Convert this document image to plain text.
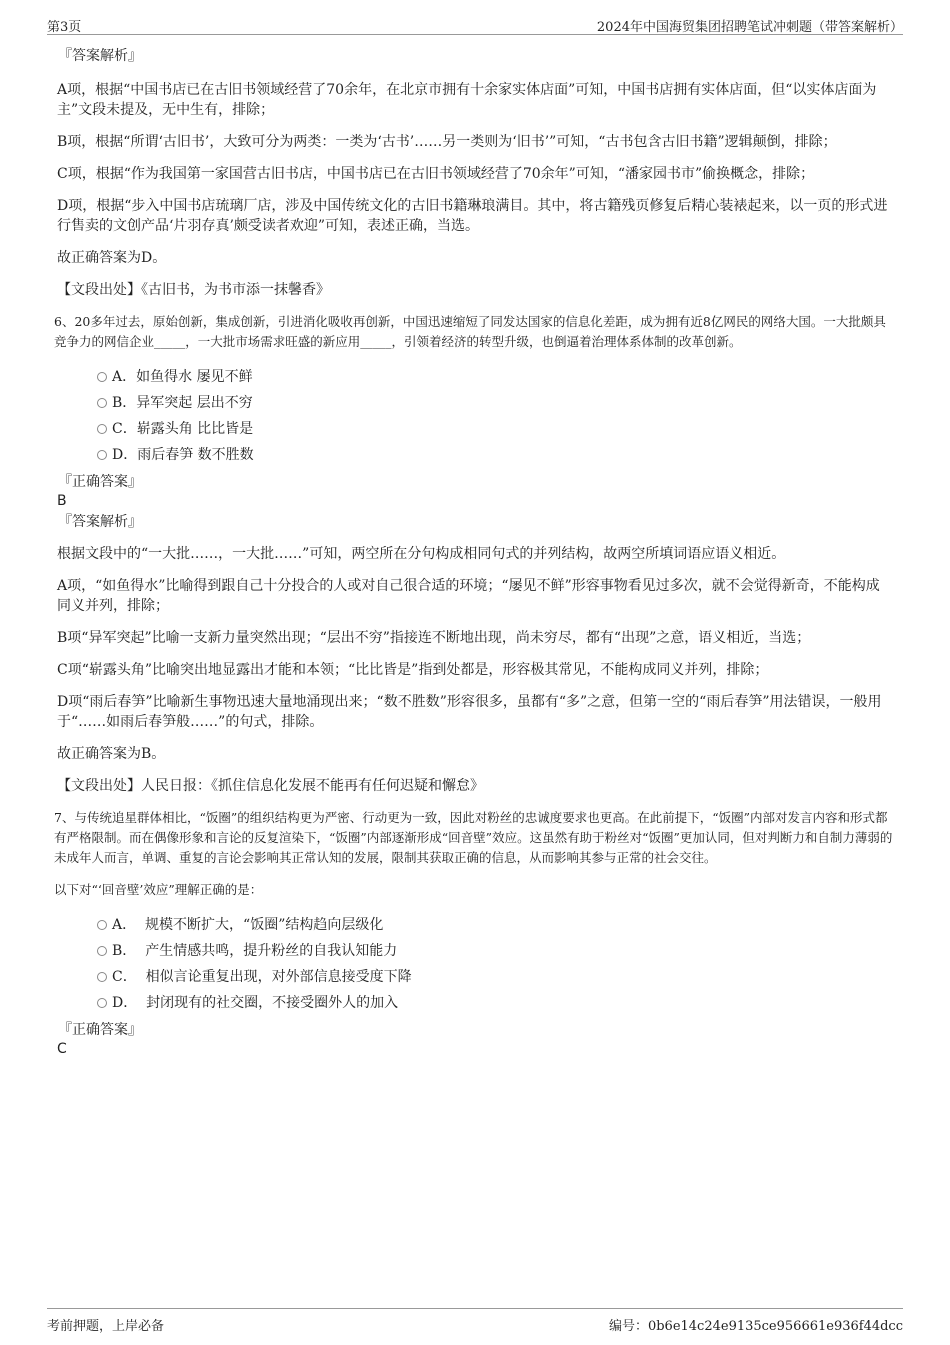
第3页	2024年中国海贸集团招聘笔试冲刺题（带答案解析）

『答案解析』

A项，根据“中国书店已在古旧书领域经营了70余年，在北京市拥有十余家实体店面”可知，中国书店拥有实体店面，但“以实体店面为主”文段未提及，无中生有，排除；

B项，根据“所谓‘古旧书’，大致可分为两类：一类为‘古书’……另一类则为‘旧书’”可知，“古书包含古旧书籍”逻辑颠倒，排除；

C项，根据“作为我国第一家国营古旧书店，中国书店已在古旧书领域经营了70余年”可知，“潘家园书市”偷换概念，排除；

D项，根据“步入中国书店琉璃厂店，涉及中国传统文化的古旧书籍琳琅满目。其中，将古籍残页修复后精心装裱起来，以一页的形式进行售卖的文创产品‘片羽存真’颇受读者欢迎”可知，表述正确，当选。

故正确答案为D。

【文段出处】《古旧书，为书市添一抹馨香》

6、20多年过去，原始创新，集成创新，引进消化吸收再创新，中国迅速缩短了同发达国家的信息化差距，成为拥有近8亿网民的网络大国。一大批颇具竞争力的网信企业_____，一大批市场需求旺盛的新应用_____，引领着经济的转型升级，也倒逼着治理体系体制的改革创新。

A．如鱼得水 屡见不鲜
B．异军突起 层出不穷
C．崭露头角 比比皆是
D．雨后春笋 数不胜数

『正确答案』

B

『答案解析』

根据文段中的“一大批……，一大批……”可知，两空所在分句构成相同句式的并列结构，故两空所填词语应语义相近。

A项，“如鱼得水”比喻得到跟自己十分投合的人或对自己很合适的环境；“屡见不鲜”形容事物看见过多次，就不会觉得新奇，不能构成同义并列，排除；

B项“异军突起”比喻一支新力量突然出现；“层出不穷”指接连不断地出现，尚未穷尽，都有“出现”之意，语义相近，当选；

C项“崭露头角”比喻突出地显露出才能和本领；“比比皆是”指到处都是，形容极其常见，不能构成同义并列，排除；

D项“雨后春笋”比喻新生事物迅速大量地涌现出来；“数不胜数”形容很多，虽都有“多”之意，但第一空的“雨后春笋”用法错误，一般用于“……如雨后春笋般……”的句式，排除。

故正确答案为B。

【文段出处】人民日报：《抓住信息化发展不能再有任何迟疑和懈怠》

7、与传统追星群体相比，“饭圈”的组织结构更为严密、行动更为一致，因此对粉丝的忠诚度要求也更高。在此前提下，“饭圈”内部对发言内容和形式都有严格限制。而在偶像形象和言论的反复渲染下，“饭圈”内部逐渐形成“回音壁”效应。这虽然有助于粉丝对“饭圈”更加认同，但对判断力和自制力薄弱的未成年人而言，单调、重复的言论会影响其正常认知的发展，限制其获取正确的信息，从而影响其参与正常的社会交往。

以下对“‘回音壁’效应”理解正确的是：

A． 规模不断扩大，“饭圈”结构趋向层级化
B． 产生情感共鸣，提升粉丝的自我认知能力
C． 相似言论重复出现，对外部信息接受度下降
D． 封闭现有的社交圈，不接受圈外人的加入

『正确答案』

C

考前押题，上岸必备	编号：0b6e14c24e9135ce956661e936f44dcc
